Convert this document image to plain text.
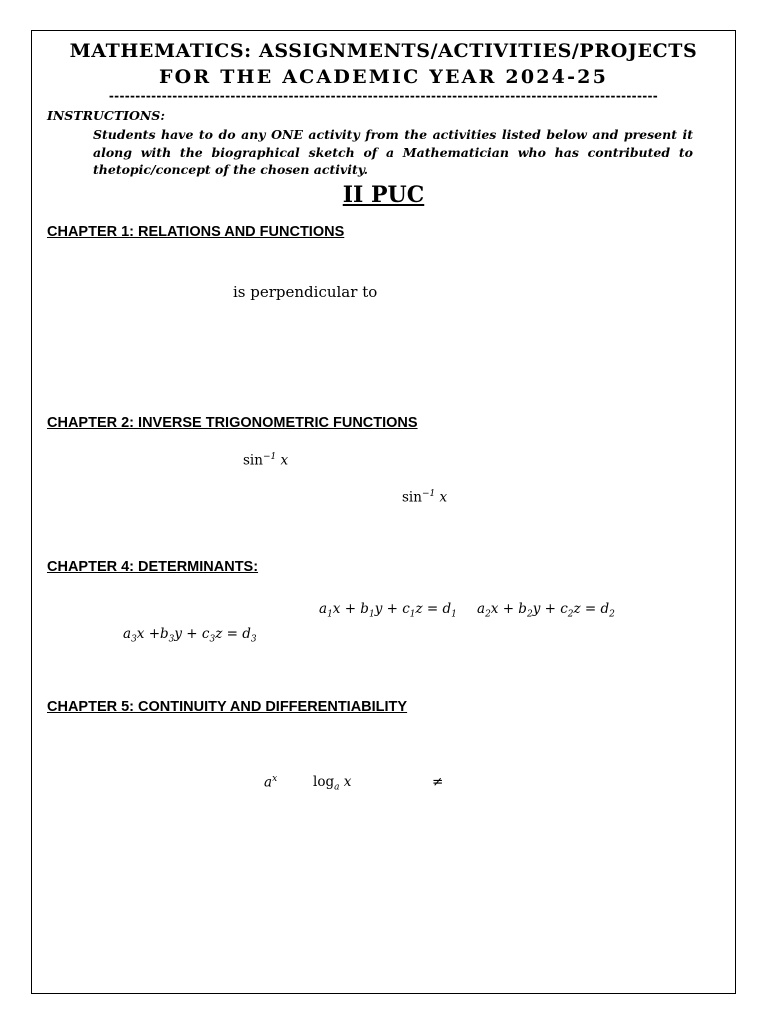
MATHEMATICS: ASSIGNMENTS/ACTIVITIES/PROJECTS
FOR THE ACADEMIC YEAR 2024-25
--------------------------------------------------------------------------------------------------------
INSTRUCTIONS:
Students have to do any ONE activity from the activities listed below and present it along with the biographical sketch of a Mathematician who has contributed to thetopic/concept of the chosen activity.
II PUC
CHAPTER 1: RELATIONS AND FUNCTIONS
is perpendicular to
CHAPTER 2: INVERSE TRIGONOMETRIC FUNCTIONS
$\sin^{-1} x$
$\sin^{-1} x$
CHAPTER 4: DETERMINANTS:
$a_1x + b_1y + c_1z = d_1$ $a_2x + b_2y + c_2z = d_2$
$a_3x +b_3y + c_3z = d_3$
CHAPTER 5: CONTINUITY AND DIFFERENTIABILITY
$a^x$	$\log_a x$	≠
